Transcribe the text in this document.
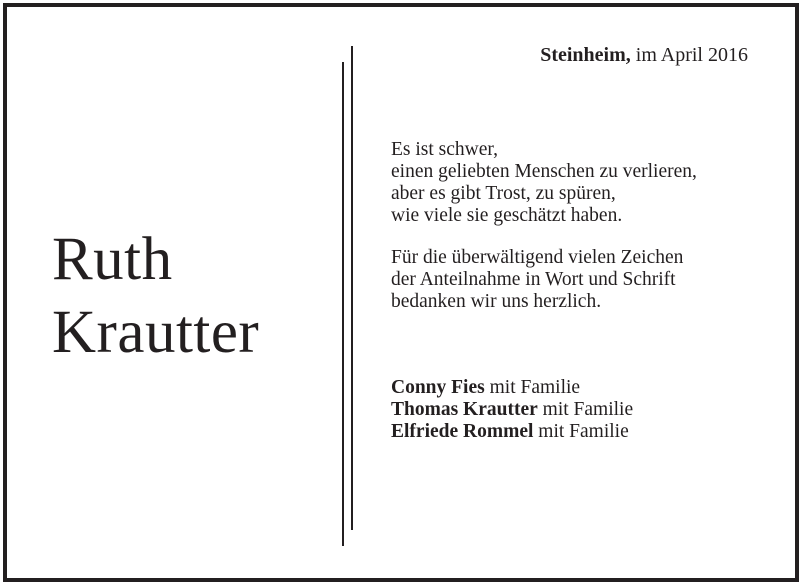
Ruth
Krautter
Steinheim, im April 2016
Es ist schwer,
einen geliebten Menschen zu verlieren,
aber es gibt Trost, zu spüren,
wie viele sie geschätzt haben.
Für die überwältigend vielen Zeichen
der Anteilnahme in Wort und Schrift
bedanken wir uns herzlich.
Conny Fies mit Familie
Thomas Krautter mit Familie
Elfriede Rommel mit Familie
